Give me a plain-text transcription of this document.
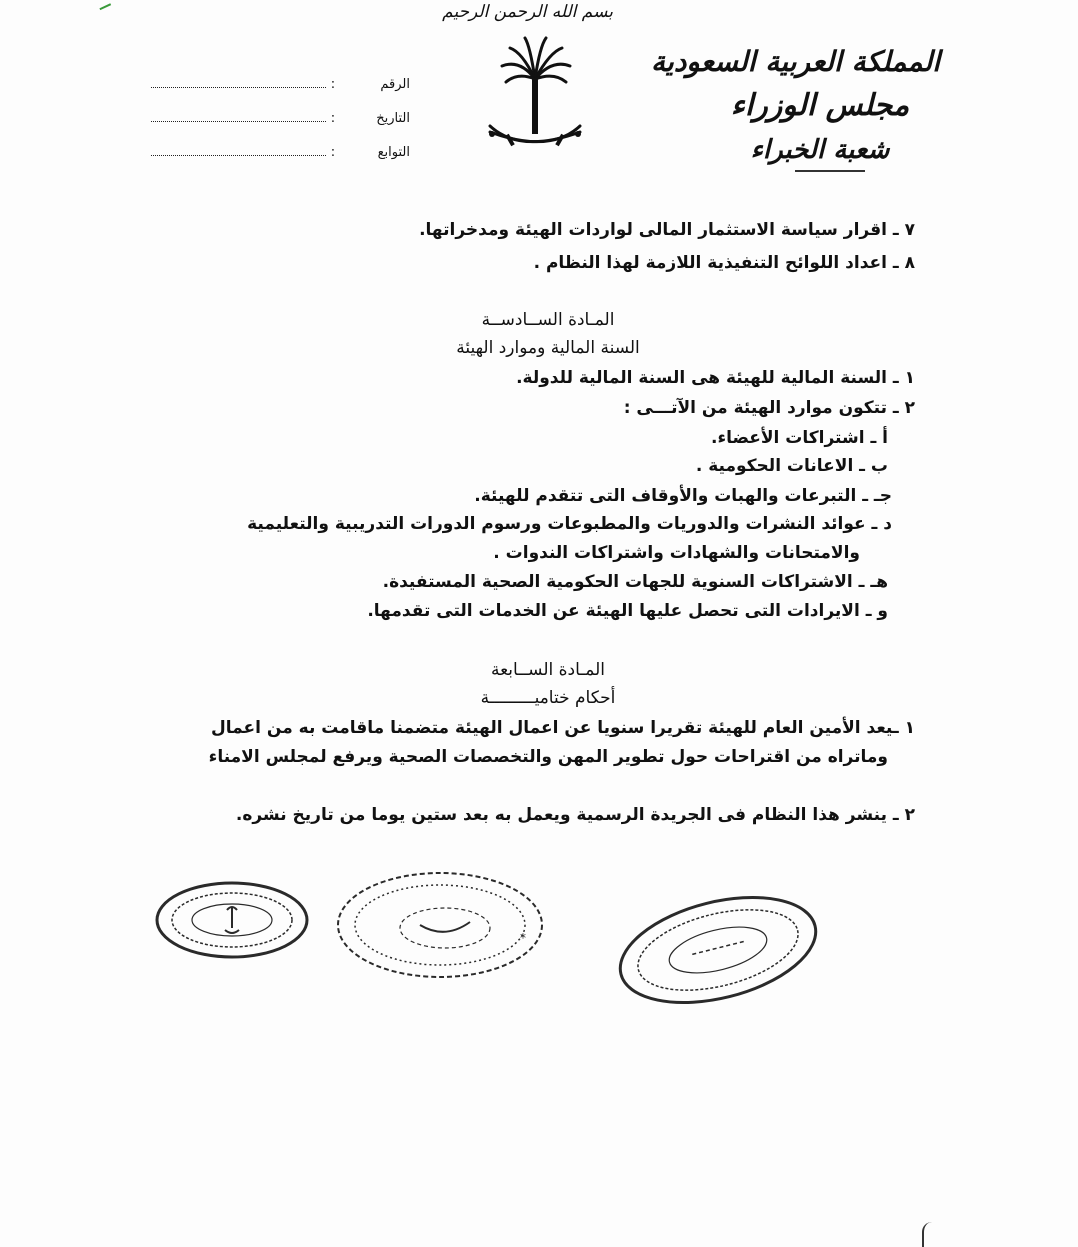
بسم الله الرحمن الرحيم
المملكة العربية السعودية
مجلس الوزراء
شعبة الخبراء
الرقم
:
التاريخ
:
التوابع
:
٧ ـ اقرار سياسة الاستثمار المالى لواردات الهيئة ومدخراتها.
٨ ـ اعداد اللوائح التنفيذية اللازمة لهذا النظام .
المـادة الســادســة
السنة المالية وموارد الهيئة
١ ـ السنة المالية للهيئة هى السنة المالية للدولة.
٢ ـ تتكون موارد الهيئة من الآتـــى :
أ ـ اشتراكات الأعضاء.
ب ـ الاعانات الحكومية .
جـ ـ التبرعات والهبات والأوقاف التى تتقدم للهيئة.
د ـ عوائد النشرات والدوريات والمطبوعات ورسوم الدورات التدريبية والتعليمية
والامتحانات والشهادات واشتراكات الندوات .
هـ ـ الاشتراكات السنوية للجهات الحكومية الصحية المستفيدة.
و ـ الايرادات التى تحصل عليها الهيئة عن الخدمات التى تقدمها.
المـادة الســابعة
أحكام ختاميـــــــــة
١ ـيعد الأمين العام للهيئة تقريرا سنويا عن اعمال الهيئة متضمنا ماقامت به من اعمال
وماتراه من اقتراحات حول تطوير المهن والتخصصات الصحية ويرفع لمجلس الامناء
٢ ـ ينشر هذا النظام فى الجريدة الرسمية ويعمل به بعد ستين يوما من تاريخ نشره.
*
